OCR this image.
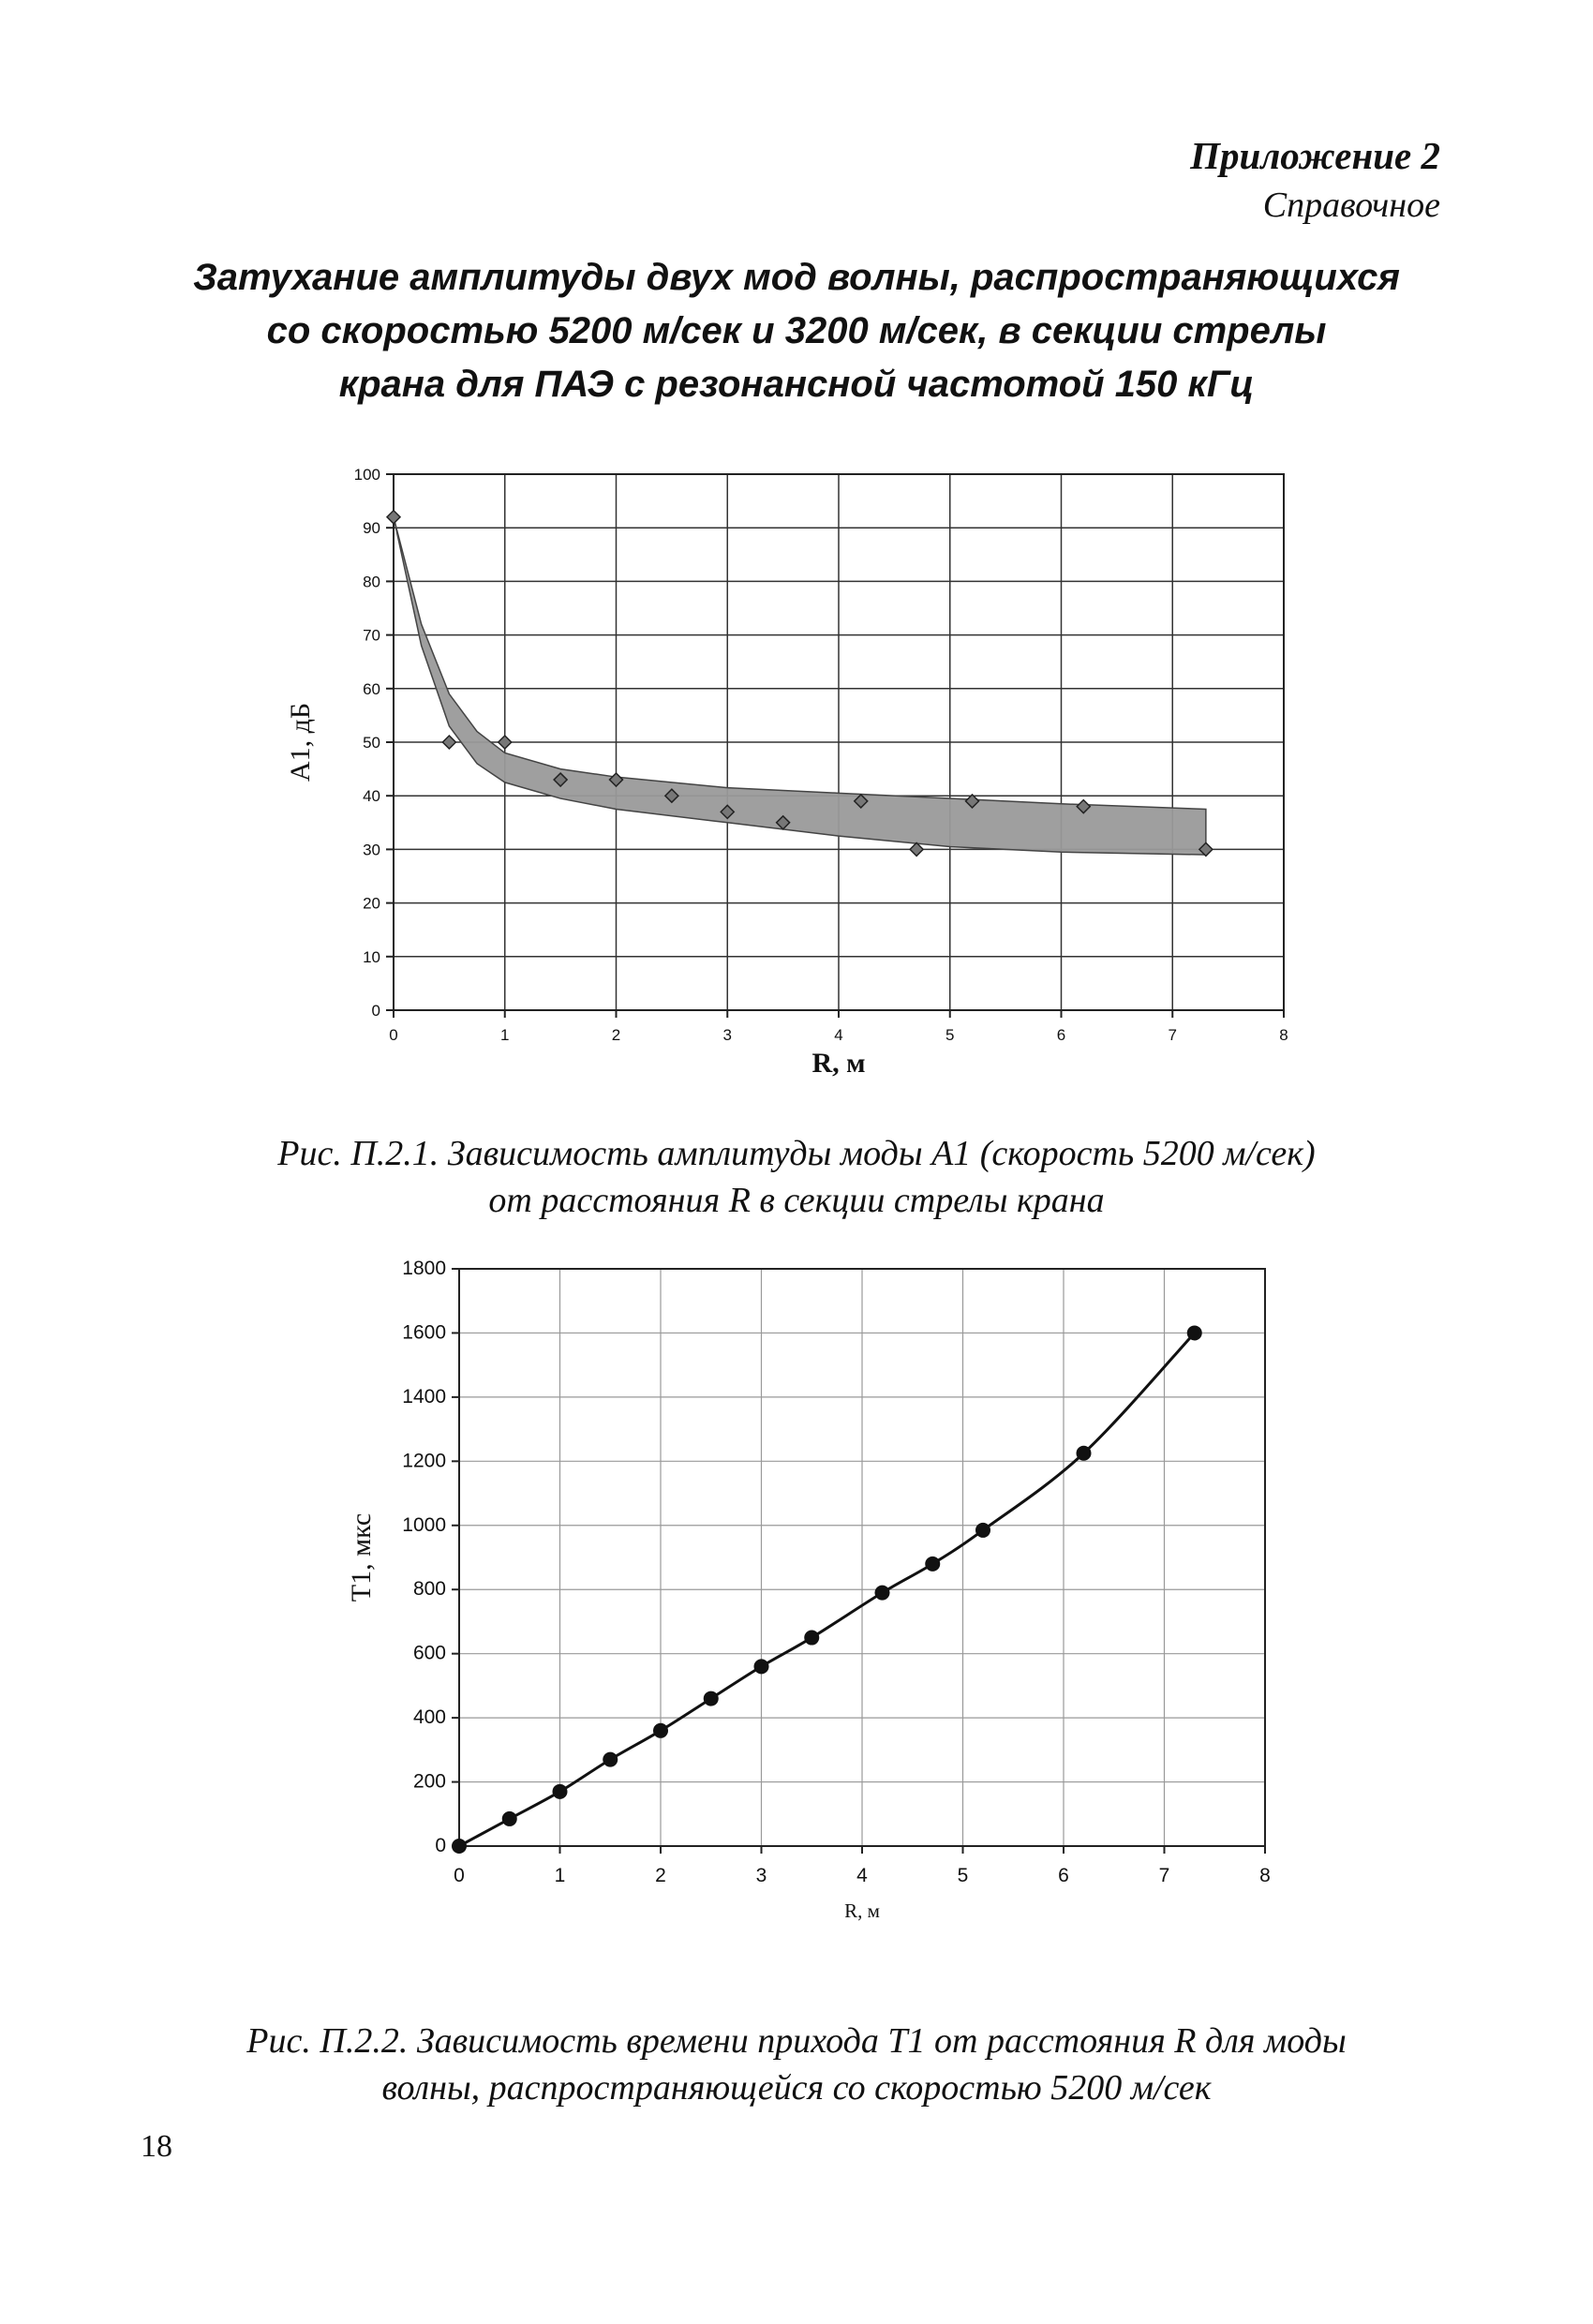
Приложение 2
Справочное
Затухание амплитуды двух мод волны, распространяющихся
со скоростью 5200 м/сек и 3200 м/сек, в секции стрелы
крана для ПАЭ с резонансной частотой 150 кГц
0
10
20
30
40
50
60
70
80
90
100
0	1	2	3	4	5	6	7	8
A1, дБ
R, м
Рис. П.2.1. Зависимость амплитуды моды А1 (скорость 5200 м/сек)
от расстояния R в секции стрелы крана
0
200
400
600
800
1000
1200
1400
1600
1800
0	1	2	3	4	5	6	7	8
T1, мкс
R, м
Рис. П.2.2. Зависимость времени прихода T1 от расстояния R для моды
волны, распространяющейся со скоростью 5200 м/сек
18
